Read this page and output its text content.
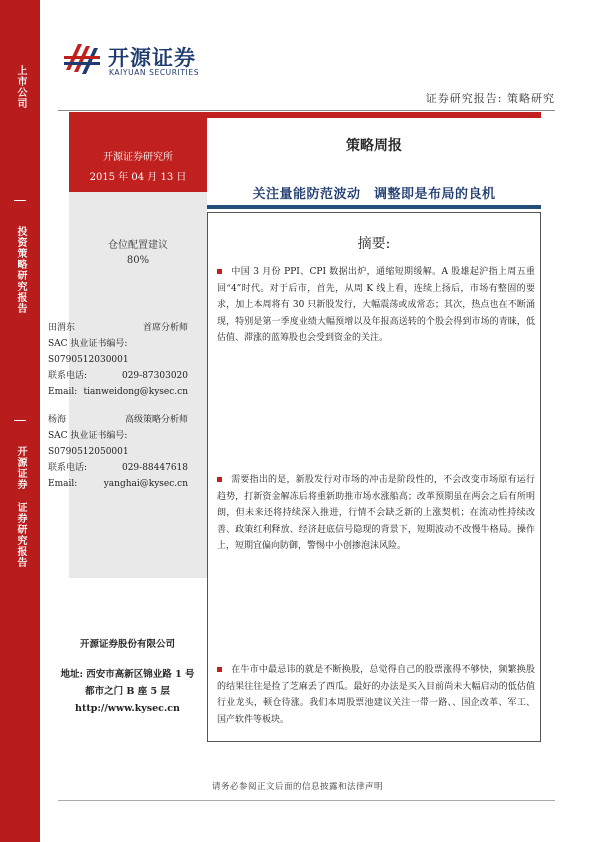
上市公司
投资策略研究报告
开源证券 证券研究报告
开源证券
KAIYUAN SECURITIES
证券研究报告: 策略研究
开源证券研究所
2015 年 04 月 13 日
策略周报
关注量能防范波动　调整即是布局的良机
仓位配置建议
80%
田渭东	首席分析师
SAC 执业证书编号:
S0790512030001
联系电话:	029-87303020
Email: tianweidong@kysec.cn
杨海	高级策略分析师
SAC 执业证书编号:
S0790512050001
联系电话:	029-88447618
Email:	yanghai@kysec.cn
开源证券股份有限公司
地址: 西安市高新区锦业路 1 号
都市之门 B 座 5 层
http://www.kysec.cn
摘要:
中国 3 月份 PPI、CPI 数据出炉，通缩短期缓解。A 股雄起沪指上周五重回“4”时代。对于后市，首先，从周 K 线上看，连续上扬后，市场有整固的要求，加上本周将有 30 只新股发行，大幅震荡或成常态；其次，热点也在不断涌现，特别是第一季度业绩大幅预增以及年报高送转的个股会得到市场的青睐，低估值、滞涨的蓝筹股也会受到资金的关注。
需要指出的是，新股发行对市场的冲击是阶段性的，不会改变市场原有运行趋势，打新资金解冻后将重新助推市场水涨船高；改革预期虽在两会之后有所明朗，但未来还将持续深入推进，行情不会缺乏新的上涨契机；在流动性持续改善、政策红利释放、经济赶底信号隐现的背景下，短期波动不改慢牛格局。操作上，短期宜偏向防御，警惕中小创掺泡沫风险。
在牛市中最忌讳的就是不断换股，总觉得自己的股票涨得不够快，频繁换股的结果往往是捡了芝麻丢了西瓜。最好的办法是买入目前尚未大幅启动的低估值行业龙头，顿仓待涨。我们本周股票池建议关注一带一路、、国企改革、军工、国产软件等板块。
请务必参阅正文后面的信息披露和法律声明
